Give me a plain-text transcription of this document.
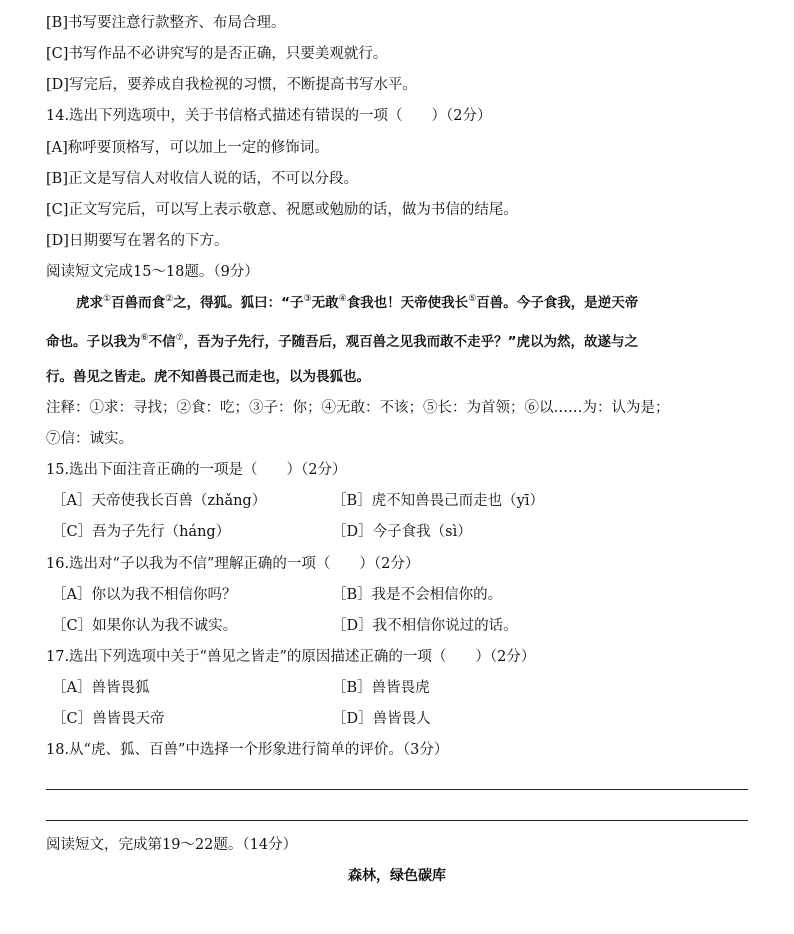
[B]书写要注意行款整齐、布局合理。
[C]书写作品不必讲究写的是否正确，只要美观就行。
[D]写完后，要养成自我检视的习惯，不断提高书写水平。
14.选出下列选项中，关于书信格式描述有错误的一项（　　）（2分）
[A]称呼要顶格写，可以加上一定的修饰词。
[B]正文是写信人对收信人说的话，不可以分段。
[C]正文写完后，可以写上表示敬意、祝愿或勉励的话，做为书信的结尾。
[D]日期要写在署名的下方。
阅读短文完成15～18题。（9分）
虎求①百兽而食②之，得狐。狐曰：“子③无敢④食我也！天帝使我长⑤百兽。今子食我，是逆天帝
命也。子以我为⑥不信⑦，吾为子先行，子随吾后，观百兽之见我而敢不走乎？”虎以为然，故遂与之
行。兽见之皆走。虎不知兽畏己而走也，以为畏狐也。
注释：①求：寻找；②食：吃；③子：你；④无敢：不该；⑤长：为首领；⑥以……为：认为是；
⑦信：诚实。
15.选出下面注音正确的一项是（　　）（2分）
［A］天帝使我长百兽（zhǎng）	［B］虎不知兽畏己而走也（yī）
［C］吾为子先行（háng）	［D］今子食我（sì）
16.选出对“子以我为不信”理解正确的一项（　　）（2分）
［A］你以为我不相信你吗？	［B］我是不会相信你的。
［C］如果你认为我不诚实。	［D］我不相信你说过的话。
17.选出下列选项中关于“兽见之皆走”的原因描述正确的一项（　　）（2分）
［A］兽皆畏狐	［B］兽皆畏虎
［C］兽皆畏天帝	［D］兽皆畏人
18.从“虎、狐、百兽”中选择一个形象进行简单的评价。（3分）
阅读短文，完成第19～22题。（14分）
森林，绿色碳库
